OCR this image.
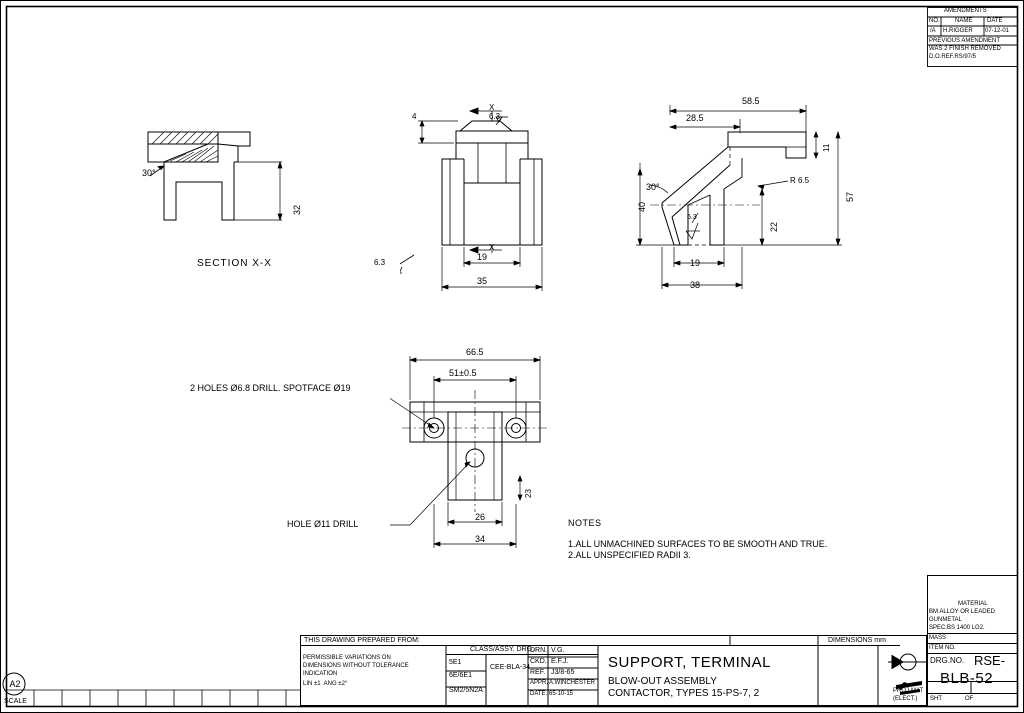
A2
SCALE
30°
32
SECTION X-X
4	6.3
X
X
6.3
19
35
58.5
28.5
11
57
40
22
19
38
30°
R 6.5
6.3
66.5
51±0.5
26
34
23
2 HOLES Ø6.8 DRILL. SPOTFACE Ø19
HOLE Ø11 DRILL	NOTES
1.ALL UNMACHINED SURFACES TO BE SMOOTH AND TRUE.
2.ALL UNSPECIFIED RADII 3.
AMENDMENTS
NO.	NAME DATE
/A H.RIGGER 07-12-01
PREVIOUS AMENDMENT
WAS 2 FINISH REMOVED
D.O.REF.RS/97/5
MATERIAL
BM ALLOY OR LEADED
GUNMETAL
SPEC:BS 1400 LG2.
MASS
ITEM NO.
DRG.NO. RSE-
BLB-52
SHT	OF
THIS DRAWING PREPARED FROM:
PERMISSIBLE VARIATIONS ON
DIMENSIONS WITHOUT TOLERANCE
INDICATION
LIN ±1  ANG ±2°
CLASS/ASSY. DRG.
5E1
6E/6E1
SM2/5N2A
CEE-BLA-34
DRN. V.G.
CKD. E.F.J.
REF. J3/8-65
APPR. A.WINCHESTER
DATE. 65-10-15
SUPPORT, TERMINAL
BLOW-OUT ASSEMBLY
CONTACTOR, TYPES 15-PS-7, 2
DIMENSIONS mm
PROJ. MAT
(ELECT.)
